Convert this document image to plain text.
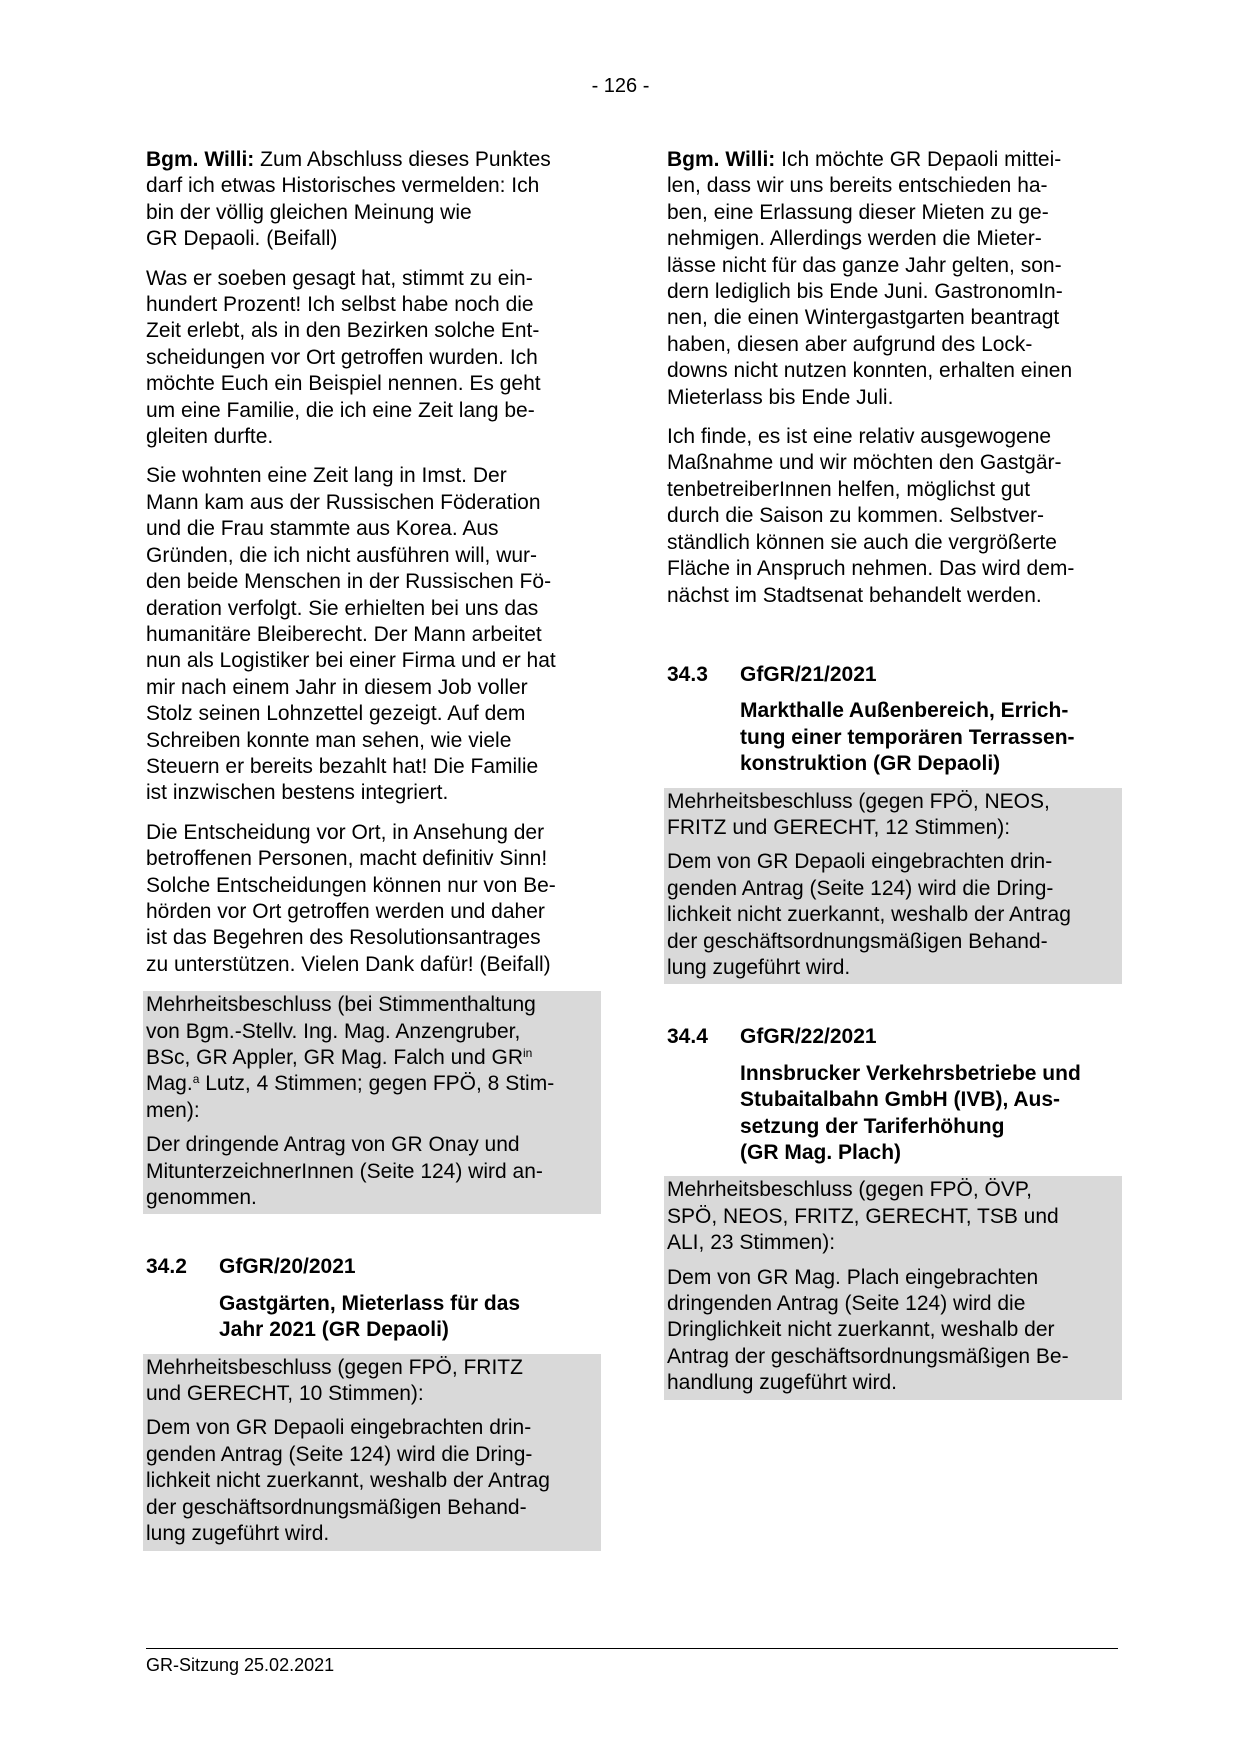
- 126 -

Bgm. Willi: Zum Abschluss dieses Punktes
darf ich etwas Historisches vermelden: Ich
bin der völlig gleichen Meinung wie
GR Depaoli. (Beifall)

Was er soeben gesagt hat, stimmt zu ein-
hundert Prozent! Ich selbst habe noch die
Zeit erlebt, als in den Bezirken solche Ent-
scheidungen vor Ort getroffen wurden. Ich
möchte Euch ein Beispiel nennen. Es geht
um eine Familie, die ich eine Zeit lang be-
gleiten durfte.

Sie wohnten eine Zeit lang in Imst. Der
Mann kam aus der Russischen Föderation
und die Frau stammte aus Korea. Aus
Gründen, die ich nicht ausführen will, wur-
den beide Menschen in der Russischen Fö-
deration verfolgt. Sie erhielten bei uns das
humanitäre Bleiberecht. Der Mann arbeitet
nun als Logistiker bei einer Firma und er hat
mir nach einem Jahr in diesem Job voller
Stolz seinen Lohnzettel gezeigt. Auf dem
Schreiben konnte man sehen, wie viele
Steuern er bereits bezahlt hat! Die Familie
ist inzwischen bestens integriert.

Die Entscheidung vor Ort, in Ansehung der
betroffenen Personen, macht definitiv Sinn!
Solche Entscheidungen können nur von Be-
hörden vor Ort getroffen werden und daher
ist das Begehren des Resolutionsantrages
zu unterstützen. Vielen Dank dafür! (Beifall)

Mehrheitsbeschluss (bei Stimmenthaltung
von Bgm.-Stellv. Ing. Mag. Anzengruber,
BSc, GR Appler, GR Mag. Falch und $GR^{in}$
Mag.$^a$ Lutz, 4 Stimmen; gegen FPÖ, 8 Stim-
men):

Der dringende Antrag von GR Onay und
MitunterzeichnerInnen (Seite 124) wird an-
genommen.

34.2 GfGR/20/2021
Gastgärten, Mieterlass für das
Jahr 2021 (GR Depaoli)

Mehrheitsbeschluss (gegen FPÖ, FRITZ
und GERECHT, 10 Stimmen):

Dem von GR Depaoli eingebrachten drin-
genden Antrag (Seite 124) wird die Dring-
lichkeit nicht zuerkannt, weshalb der Antrag
der geschäftsordnungsmäßigen Behand-
lung zugeführt wird.

Bgm. Willi: Ich möchte GR Depaoli mittei-
len, dass wir uns bereits entschieden ha-
ben, eine Erlassung dieser Mieten zu ge-
nehmigen. Allerdings werden die Mieter-
lässe nicht für das ganze Jahr gelten, son-
dern lediglich bis Ende Juni. GastronomIn-
nen, die einen Wintergastgarten beantragt
haben, diesen aber aufgrund des Lock-
downs nicht nutzen konnten, erhalten einen
Mieterlass bis Ende Juli.

Ich finde, es ist eine relativ ausgewogene
Maßnahme und wir möchten den Gastgär-
tenbetreiberInnen helfen, möglichst gut
durch die Saison zu kommen. Selbstver-
ständlich können sie auch die vergrößerte
Fläche in Anspruch nehmen. Das wird dem-
nächst im Stadtsenat behandelt werden.

34.3 GfGR/21/2021
Markthalle Außenbereich, Errich-
tung einer temporären Terrassen-
konstruktion (GR Depaoli)

Mehrheitsbeschluss (gegen FPÖ, NEOS,
FRITZ und GERECHT, 12 Stimmen):

Dem von GR Depaoli eingebrachten drin-
genden Antrag (Seite 124) wird die Dring-
lichkeit nicht zuerkannt, weshalb der Antrag
der geschäftsordnungsmäßigen Behand-
lung zugeführt wird.

34.4 GfGR/22/2021
Innsbrucker Verkehrsbetriebe und
Stubaitalbahn GmbH (IVB), Aus-
setzung der Tariferhöhung
(GR Mag. Plach)

Mehrheitsbeschluss (gegen FPÖ, ÖVP,
SPÖ, NEOS, FRITZ, GERECHT, TSB und
ALI, 23 Stimmen):

Dem von GR Mag. Plach eingebrachten
dringenden Antrag (Seite 124) wird die
Dringlichkeit nicht zuerkannt, weshalb der
Antrag der geschäftsordnungsmäßigen Be-
handlung zugeführt wird.

GR-Sitzung 25.02.2021
